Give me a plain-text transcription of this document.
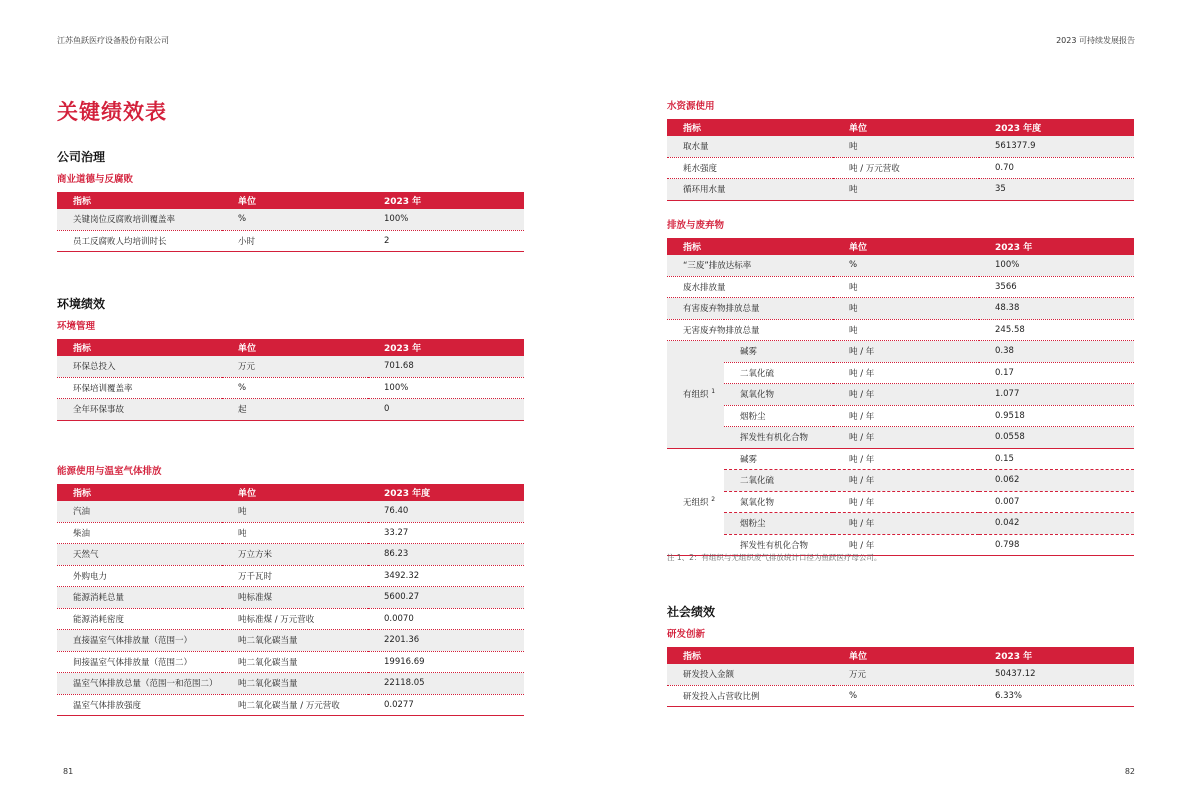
江苏鱼跃医疗设备股份有限公司
关键绩效表
公司治理
商业道德与反腐败
指标	单位	2023 年
关键岗位反腐败培训覆盖率	%	100%
员工反腐败人均培训时长	小时	2
环境绩效
环境管理
指标	单位	2023 年
环保总投入	万元	701.68
环保培训覆盖率	%	100%
全年环保事故	起	0
能源使用与温室气体排放
指标	单位	2023 年度
汽油	吨	76.40
柴油	吨	33.27
天然气	万立方米	86.23
外购电力	万千瓦时	3492.32
能源消耗总量	吨标准煤	5600.27
能源消耗密度	吨标准煤 / 万元营收	0.0070
直接温室气体排放量（范围一）	吨二氧化碳当量	2201.36
间接温室气体排放量（范围二）	吨二氧化碳当量	19916.69
温室气体排放总量（范围一和范围二）	吨二氧化碳当量	22118.05
温室气体排放强度	吨二氧化碳当量 / 万元营收	0.0277
81
2023 可持续发展报告
水资源使用
指标	单位	2023 年度
取水量	吨	561377.9
耗水强度	吨 / 万元营收	0.70
循环用水量	吨	35
排放与废弃物
指标		单位	2023 年
“三废”排放达标率		%	100%
废水排放量		吨	3566
有害废弃物排放总量		吨	48.38
无害废弃物排放总量		吨	245.58
有组织 $^1$	碱雾	吨 / 年	0.38
	二氧化硫	吨 / 年	0.17
	氮氧化物	吨 / 年	1.077
	烟粉尘	吨 / 年	0.9518
	挥发性有机化合物	吨 / 年	0.0558
无组织 $^2$	碱雾	吨 / 年	0.15
	二氧化硫	吨 / 年	0.062
	氮氧化物	吨 / 年	0.007
	烟粉尘	吨 / 年	0.042
	挥发性有机化合物	吨 / 年	0.798
注 1、2：有组织与无组织废气排放统计口径为鱼跃医疗母公司。
社会绩效
研发创新
指标	单位	2023 年
研发投入金额	万元	50437.12
研发投入占营收比例	%	6.33%
82
